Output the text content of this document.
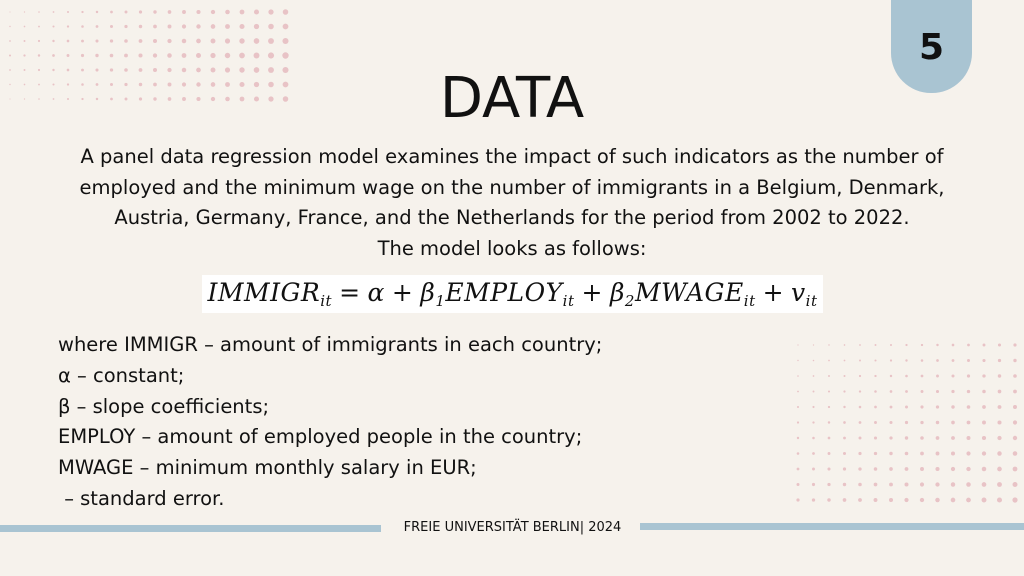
5
DATA
A panel data regression model examines the impact of such indicators as the number of
employed and the minimum wage on the number of immigrants in a Belgium, Denmark,
Austria, Germany, France, and the Netherlands for the period from 2002 to 2022.
The model looks as follows:
$IMMIGR_{it} = \alpha$ + $\beta_1EMPLOY_{it}$ + $\beta_2MWAGE_{it} + v_{it}$
where IMMIGR – amount of immigrants in each country;
α – constant;
β – slope coefficients;
EMPLOY – amount of employed people in the country;
MWAGE – minimum monthly salary in EUR;
– standard error.
FREIE UNIVERSITÄT BERLIN| 2024
